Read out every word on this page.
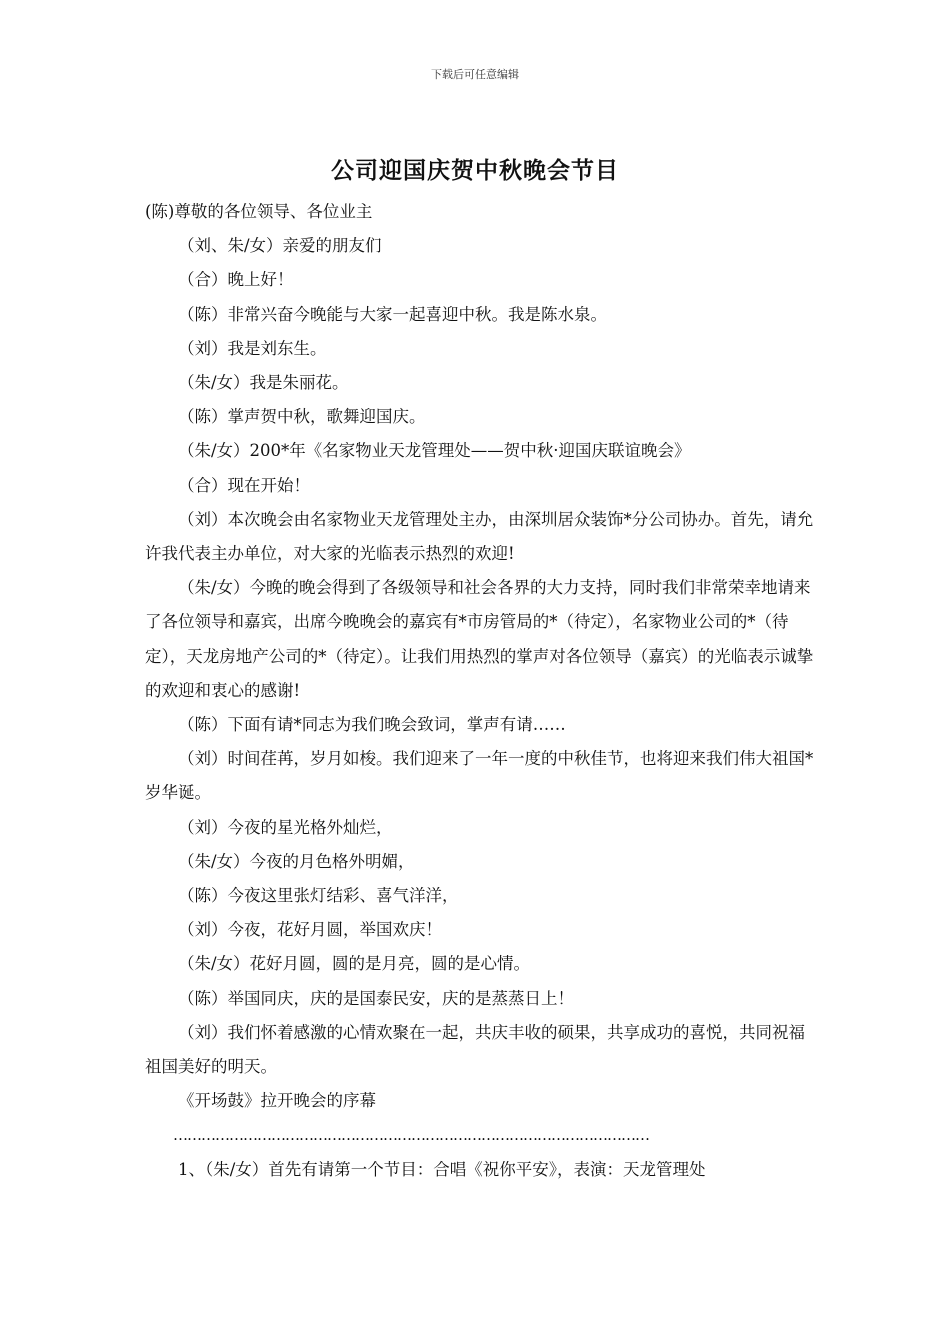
下载后可任意编辑
公司迎国庆贺中秋晚会节目

(陈)尊敬的各位领导、各位业主

（刘、朱/女）亲爱的朋友们

（合）晚上好！

（陈）非常兴奋今晚能与大家一起喜迎中秋。我是陈水泉。

（刘）我是刘东生。

（朱/女）我是朱丽花。

（陈）掌声贺中秋，歌舞迎国庆。

（朱/女）200*年《名家物业天龙管理处——贺中秋·迎国庆联谊晚会》

（合）现在开始！

（刘）本次晚会由名家物业天龙管理处主办，由深圳居众装饰*分公司协办。首先，请允许我代表主办单位，对大家的光临表示热烈的欢迎!

（朱/女）今晚的晚会得到了各级领导和社会各界的大力支持，同时我们非常荣幸地请来了各位领导和嘉宾，出席今晚晚会的嘉宾有*市房管局的*（待定），名家物业公司的*（待定），天龙房地产公司的*（待定）。让我们用热烈的掌声对各位领导（嘉宾）的光临表示诚挚的欢迎和衷心的感谢!

（陈）下面有请*同志为我们晚会致词，掌声有请……

（刘）时间荏苒，岁月如梭。我们迎来了一年一度的中秋佳节，也将迎来我们伟大祖国*岁华诞。

（刘）今夜的星光格外灿烂，

（朱/女）今夜的月色格外明媚，

（陈）今夜这里张灯结彩、喜气洋洋，

（刘）今夜，花好月圆，举国欢庆！

（朱/女）花好月圆，圆的是月亮，圆的是心情。

（陈）举国同庆，庆的是国泰民安，庆的是蒸蒸日上！

（刘）我们怀着感激的心情欢聚在一起，共庆丰收的硕果，共享成功的喜悦，共同祝福祖国美好的明天。

《开场鼓》拉开晚会的序幕

…………………………………………………………………………………………

1、（朱/女）首先有请第一个节目：合唱《祝你平安》，表演：天龙管理处
